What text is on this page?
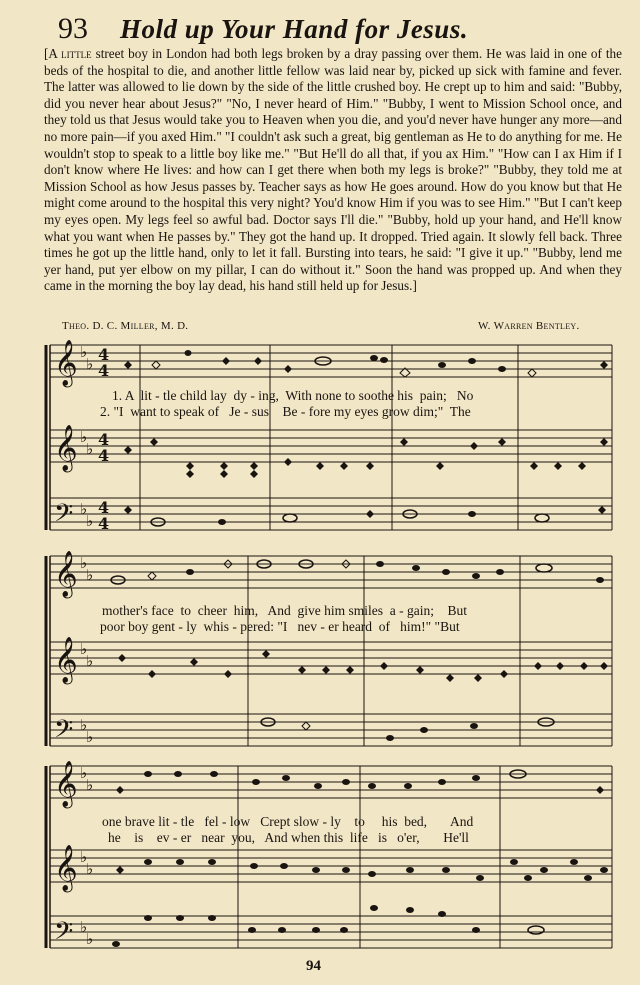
93 Hold up Your Hand for Jesus.
[A little street boy in London had both legs broken by a dray passing over them. He was laid in one of the beds of the hospital to die, and another little fellow was laid near by, picked up sick with famine and fever. The latter was allowed to lie down by the side of the little crushed boy. He crept up to him and said: "Bubby, did you never hear about Jesus?" "No, I never heard of Him." "Bubby, I went to Mission School once, and they told us that Jesus would take you to Heaven when you die, and you'd never have hunger any more—and no more pain—if you axed Him." "I couldn't ask such a great, big gentleman as He to do anything for me. He wouldn't stop to speak to a little boy like me." "But He'll do all that, if you ax Him." "How can I ax Him if I don't know where He lives: and how can I get there when both my legs is broke?" "Bubby, they told me at Mission School as how Jesus passes by. Teacher says as how He goes around. How do you know but that He might come around to the hospital this very night? You'd know Him if you was to see Him." "But I can't keep my eyes open. My legs feel so awful bad. Doctor says I'll die." "Bubby, hold up your hand, and He'll know what you want when He passes by." They got the hand up. It dropped. Tried again. It slowly fell back. Three times he got up the little hand, only to let it fall. Bursting into tears, he said: "I give it up." "Bubby, lend me yer hand, put yer elbow on my pillar, I can do without it." Soon the hand was propped up. And when they came in the morning the boy lay dead, his hand still held up for Jesus.]
Theo. D. C. Miller, M. D.	W. Warren Bentley.
𝄞
𝄞
𝄢
𝄞
𝄞
𝄢
𝄞
𝄞
𝄢
♭
♭
♭
♭
♭
♭
♭
♭
♭
♭
♭
♭
♭
♭
♭
♭
♭
♭
4
4
4
4
4
4
1. A  lit - tle child lay  dy - ing,  With none to soothe his  pain;   No
2. "I  want to speak of   Je - sus    Be - fore my eyes grow dim;"  The
mother's face  to  cheer  him,   And  give him smiles  a - gain;    But
poor boy gent - ly  whis - pered: "I   nev - er heard  of   him!" "But
one brave lit - tle   fel - low   Crept slow - ly    to     his  bed,       And
he    is    ev - er   near  you,   And when this  life   is   o'er,       He'll
94
